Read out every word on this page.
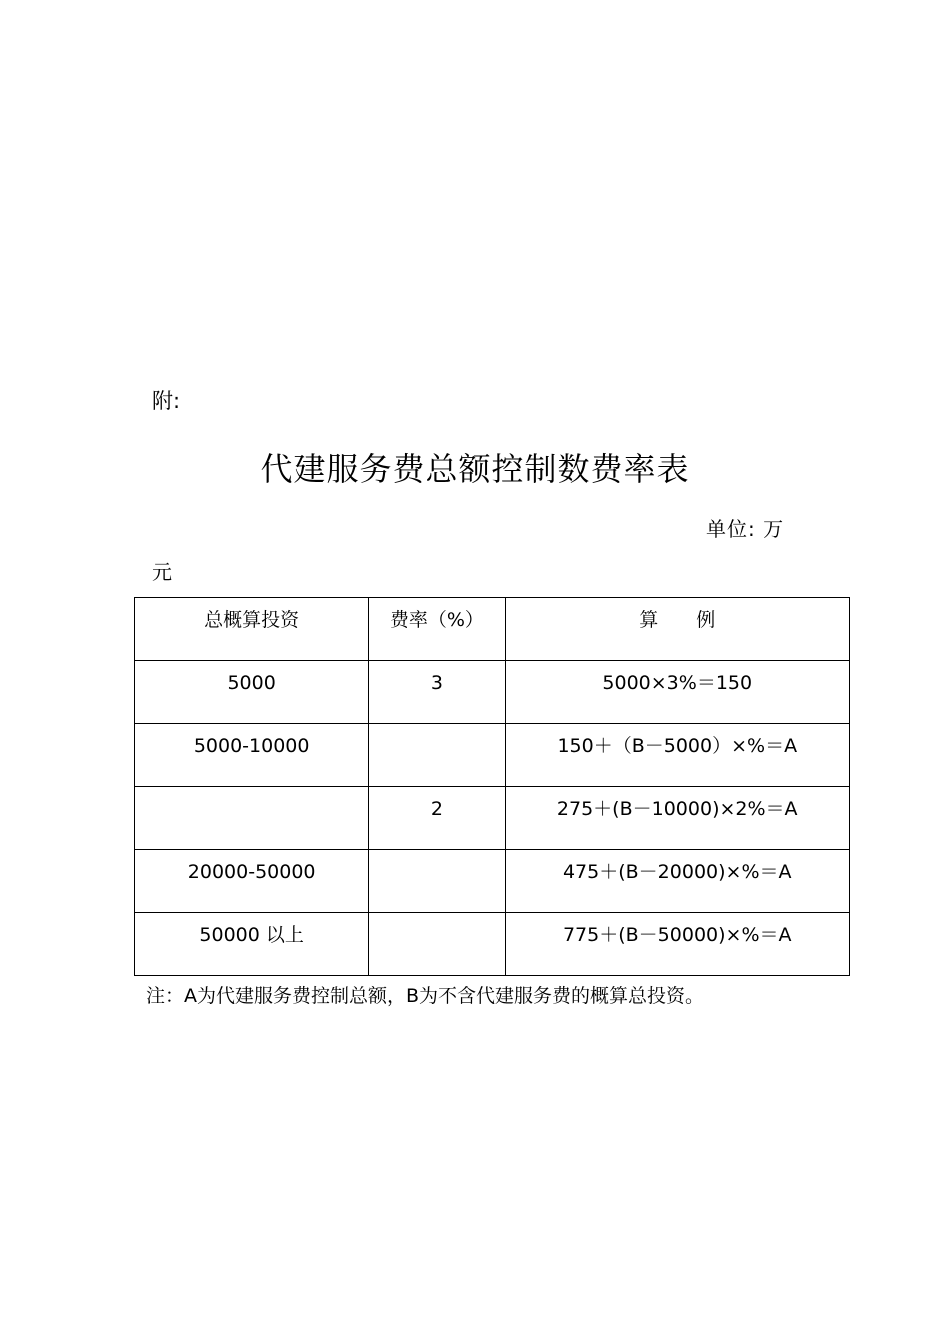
附:
代建服务费总额控制数费率表
单位: 万
元
总概算投资	费率（%）	算　　例
5000	3	5000×3%＝150
5000-10000		150＋（B－5000）×%＝A
	2	275＋(B－10000)×2%＝A
20000-50000		475＋(B－20000)×%＝A
50000 以上		775＋(B－50000)×%＝A
注：A为代建服务费控制总额，B为不含代建服务费的概算总投资。
